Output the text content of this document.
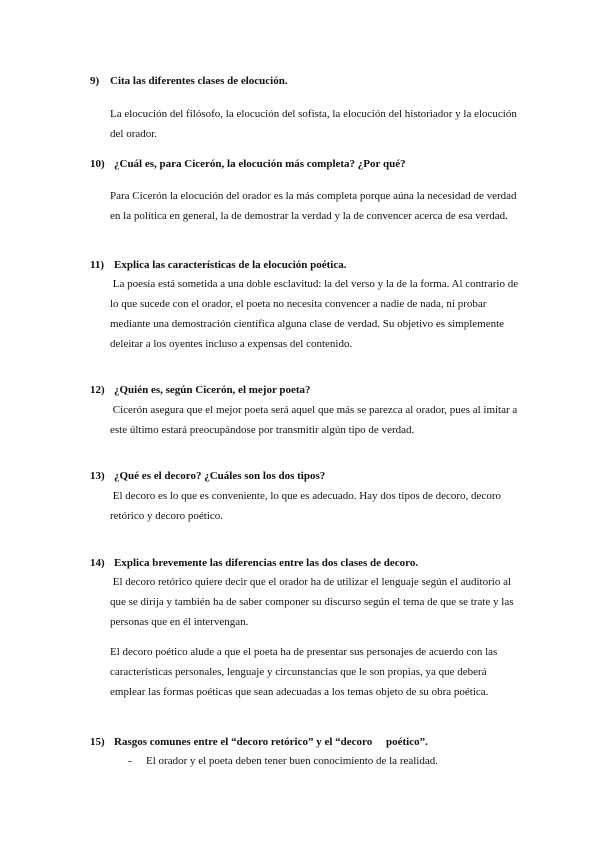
9) Cita las diferentes clases de elocución.
La elocución del filósofo, la elocución del sofista, la elocución del historiador y la elocución del orador.
10) ¿Cuál es, para Cicerón, la elocución más completa? ¿Por qué?
Para Cicerón la elocución del orador es la más completa porque aúna la necesidad de verdad en la política en general, la de demostrar la verdad y la de convencer acerca de esa verdad.
11) Explica las características de la elocución poética.
La poesía está sometida a una doble esclavitud: la del verso y la de la forma. Al contrario de lo que sucede con el orador, el poeta no necesita convencer a nadie de nada, ni probar mediante una demostración científica alguna clase de verdad. Su objetivo es simplemente deleitar a los oyentes incluso a expensas del contenido.
12) ¿Quién es, según Cicerón, el mejor poeta?
Cicerón asegura que el mejor poeta será aquel que más se parezca al orador, pues al imitar a este último estará preocupándose por transmitir algún tipo de verdad.
13) ¿Qué es el decoro? ¿Cuáles son los dos tipos?
El decoro es lo que es conveniente, lo que es adecuado. Hay dos tipos de decoro, decoro retórico y decoro poético.
14) Explica brevemente las diferencias entre las dos clases de decoro.
El decoro retórico quiere decir que el orador ha de utilizar el lenguaje según el auditorio al que se dirija y también ha de saber componer su discurso según el tema de que se trate y las personas que en él intervengan.
El decoro poético alude a que el poeta ha de presentar sus personajes de acuerdo con las características personales, lenguaje y circunstancias que le son propias, ya que deberá emplear las formas poéticas que sean adecuadas a los temas objeto de su obra poética.
15) Rasgos comunes entre el “decoro retórico” y el “decoro     poético”.
- El orador y el poeta deben tener buen conocimiento de la realidad.
